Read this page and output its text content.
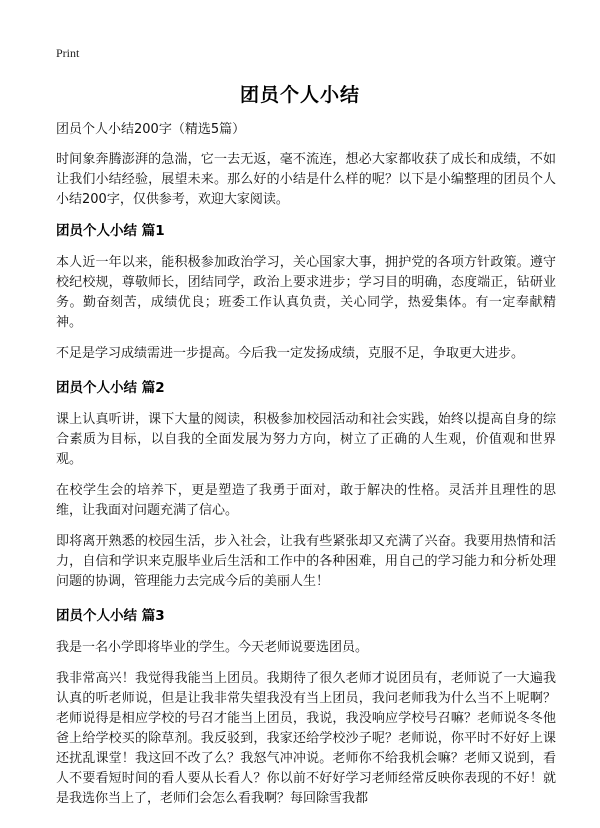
Print
团员个人小结

团员个人小结200字（精选5篇）

时间象奔腾澎湃的急湍，它一去无返，毫不流连，想必大家都收获了成长和成绩，不如让我们小结经验，展望未来。那么好的小结是什么样的呢？以下是小编整理的团员个人小结200字，仅供参考，欢迎大家阅读。

团员个人小结 篇1

本人近一年以来，能积极参加政治学习，关心国家大事，拥护党的各项方针政策。遵守校纪校规，尊敬师长，团结同学，政治上要求进步；学习目的明确，态度端正，钻研业务。勤奋刻苦，成绩优良；班委工作认真负责，关心同学，热爱集体。有一定奉献精神。

不足是学习成绩需进一步提高。今后我一定发扬成绩，克服不足，争取更大进步。

团员个人小结 篇2

课上认真听讲，课下大量的阅读，积极参加校园活动和社会实践，始终以提高自身的综合素质为目标，以自我的全面发展为努力方向，树立了正确的人生观，价值观和世界观。

在校学生会的培养下，更是塑造了我勇于面对，敢于解决的性格。灵活并且理性的思维，让我面对问题充满了信心。

即将离开熟悉的校园生活，步入社会，让我有些紧张却又充满了兴奋。我要用热情和活力，自信和学识来克服毕业后生活和工作中的各种困难，用自己的学习能力和分析处理问题的协调，管理能力去完成今后的美丽人生！

团员个人小结 篇3

我是一名小学即将毕业的学生。今天老师说要选团员。

我非常高兴！我觉得我能当上团员。我期待了很久老师才说团员有，老师说了一大遍我认真的听老师说，但是让我非常失望我没有当上团员，我问老师我为什么当不上呢啊？老师说得是相应学校的号召才能当上团员，我说，我没响应学校号召嘛？老师说冬冬他爸上给学校买的除草剂。我反驳到，我家还给学校沙子呢？老师说，你平时不好好上课还扰乱课堂！我这回不改了么？我怒气冲冲说。老师你不给我机会嘛？老师又说到，看人不要看短时间的看人要从长看人？你以前不好好学习老师经常反映你表现的不好！就是我选你当上了，老师们会怎么看我啊？每回除雪我都
